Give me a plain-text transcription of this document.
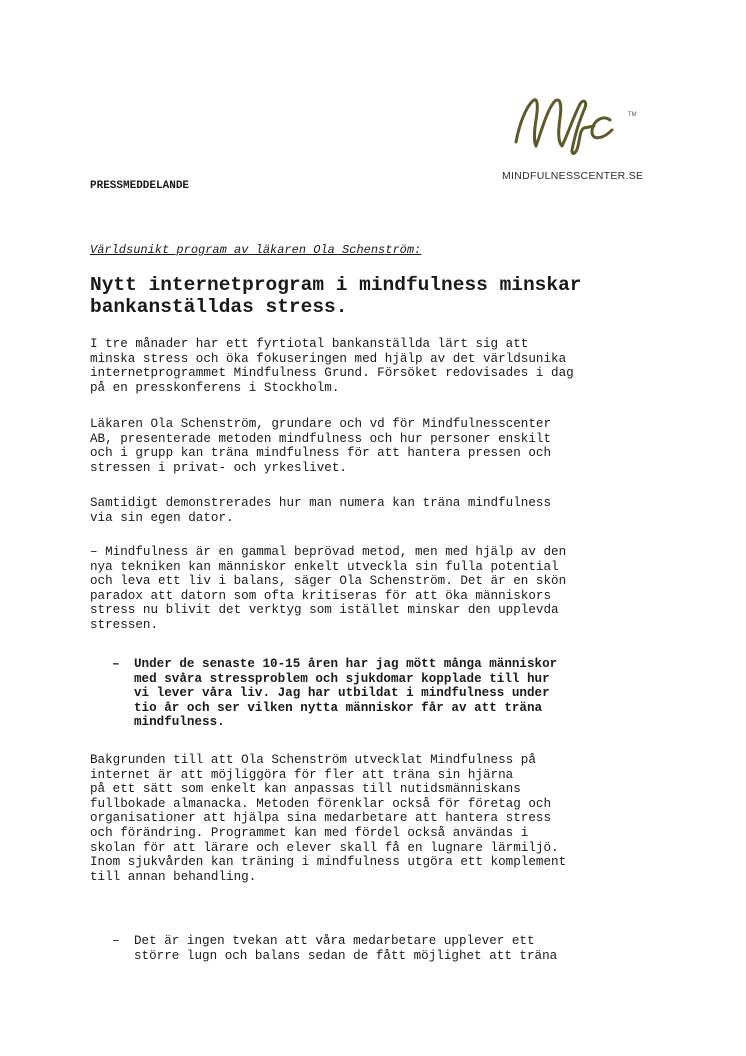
TM
MINDFULNESSCENTER.SE
PRESSMEDDELANDE
Världsunikt program av läkaren Ola Schenström:
Nytt internetprogram i mindfulness minskar bankanställdas stress.

I tre månader har ett fyrtiotal bankanställda lärt sig att
minska stress och öka fokuseringen med hjälp av det världsunika
internetprogrammet Mindfulness Grund. Försöket redovisades i dag
på en presskonferens i Stockholm.

Läkaren Ola Schenström, grundare och vd för Mindfulnesscenter
AB, presenterade metoden mindfulness och hur personer enskilt
och i grupp kan träna mindfulness för att hantera pressen och
stressen i privat- och yrkeslivet.

Samtidigt demonstrerades hur man numera kan träna mindfulness
via sin egen dator.

– Mindfulness är en gammal beprövad metod, men med hjälp av den
nya tekniken kan människor enkelt utveckla sin fulla potential
och leva ett liv i balans, säger Ola Schenström. Det är en skön
paradox att datorn som ofta kritiseras för att öka människors
stress nu blivit det verktyg som istället minskar den upplevda
stressen.

– Under de senaste 10-15 åren har jag mött många människor
med svåra stressproblem och sjukdomar kopplade till hur
vi lever våra liv. Jag har utbildat i mindfulness under
tio år och ser vilken nytta människor får av att träna
mindfulness.

Bakgrunden till att Ola Schenström utvecklat Mindfulness på
internet är att möjliggöra för fler att träna sin hjärna
på ett sätt som enkelt kan anpassas till nutidsmänniskans
fullbokade almanacka. Metoden förenklar också för företag och
organisationer att hjälpa sina medarbetare att hantera stress
och förändring. Programmet kan med fördel också användas i
skolan för att lärare och elever skall få en lugnare lärmiljö.
Inom sjukvården kan träning i mindfulness utgöra ett komplement
till annan behandling.

– Det är ingen tvekan att våra medarbetare upplever ett
större lugn och balans sedan de fått möjlighet att träna
